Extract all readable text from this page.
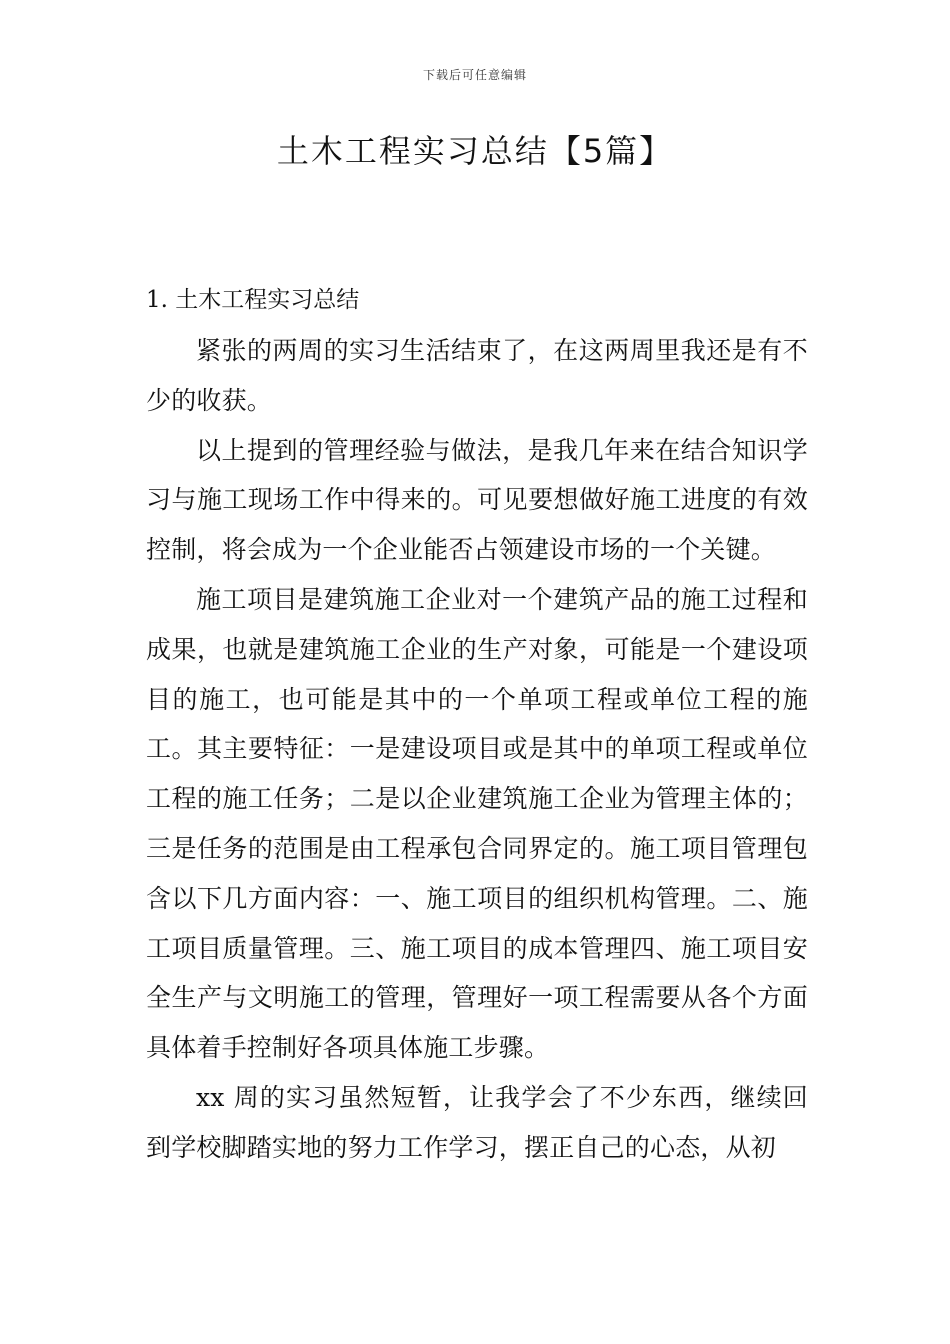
下载后可任意编辑
土木工程实习总结【5篇】
1. 土木工程实习总结

紧张的两周的实习生活结束了，在这两周里我还是有不少的收获。

以上提到的管理经验与做法，是我几年来在结合知识学习与施工现场工作中得来的。可见要想做好施工进度的有效控制，将会成为一个企业能否占领建设市场的一个关键。

施工项目是建筑施工企业对一个建筑产品的施工过程和成果，也就是建筑施工企业的生产对象，可能是一个建设项目的施工，也可能是其中的一个单项工程或单位工程的施工。其主要特征：一是建设项目或是其中的单项工程或单位工程的施工任务；二是以企业建筑施工企业为管理主体的；三是任务的范围是由工程承包合同界定的。施工项目管理包含以下几方面内容：一、施工项目的组织机构管理。二、施工项目质量管理。三、施工项目的成本管理四、施工项目安全生产与文明施工的管理，管理好一项工程需要从各个方面具体着手控制好各项具体施工步骤。

xx 周的实习虽然短暂，让我学会了不少东西，继续回到学校脚踏实地的努力工作学习，摆正自己的心态，从初
